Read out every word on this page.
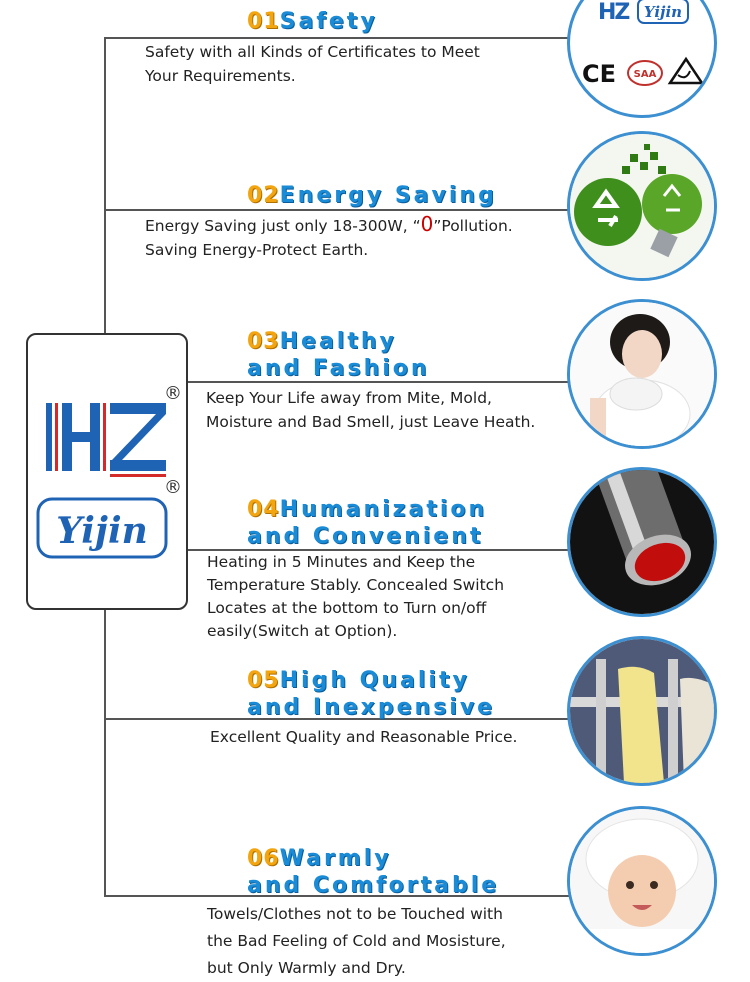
®
Yijin
®
01Safety
Safety with all Kinds of Certificates to Meet
Your Requirements.
HZ Yijin
CE SAA
02Energy Saving
Energy Saving just only 18-300W, “0”Pollution.
Saving Energy-Protect Earth.
03Healthy
and Fashion
Keep Your Life away from Mite, Mold,
Moisture and Bad Smell, just Leave Heath.
04Humanization
and Convenient
Heating in 5 Minutes and Keep the
Temperature Stably. Concealed Switch
Locates at the bottom to Turn on/off
easily(Switch at Option).
05High Quality
and Inexpensive
Excellent Quality and Reasonable Price.
06Warmly
and Comfortable
Towels/Clothes not to be Touched with
the Bad Feeling of Cold and Mosisture,
but Only Warmly and Dry.
